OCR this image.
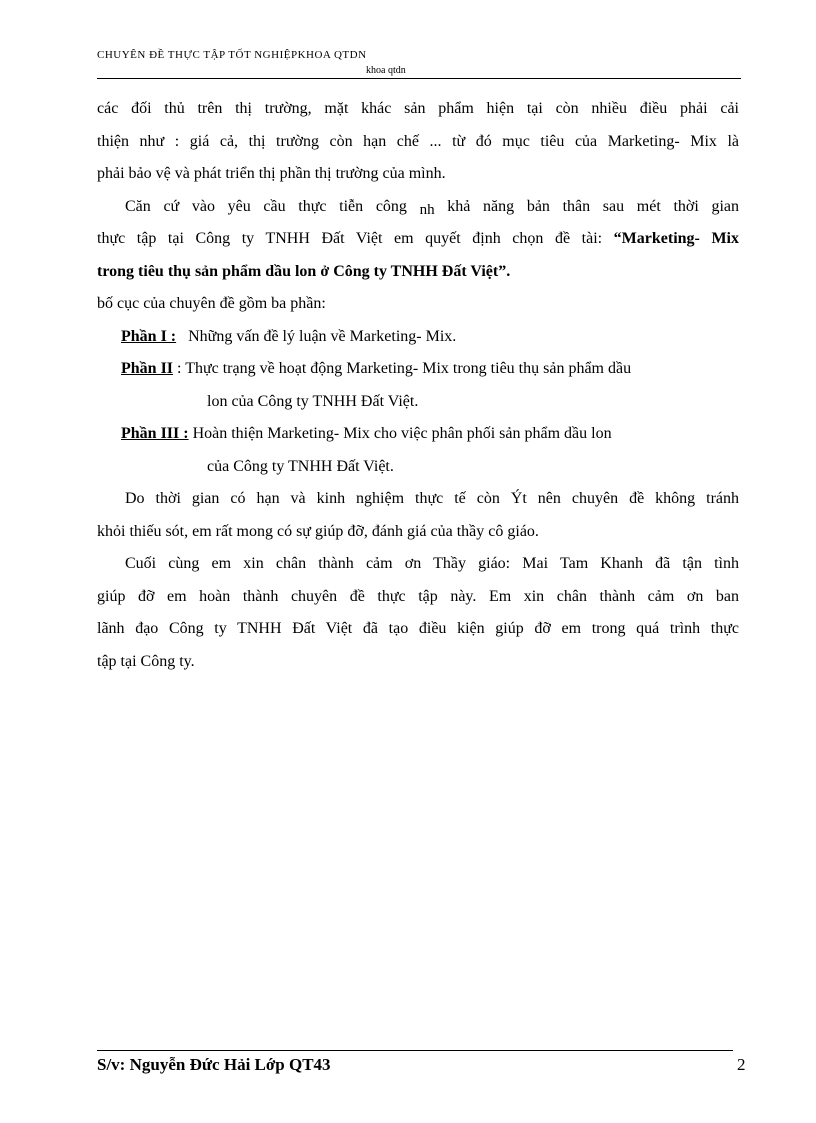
CHUYÊN ĐỀ THỰC TẬP TỐT NGHIỆPKHOA QTDN
khoa qtdn

các đối thủ trên thị trường, mặt khác sản phẩm hiện tại còn nhiều điều phải cải

thiện như : giá cả, thị trường còn hạn chế ... từ đó mục tiêu của Marketing- Mix là

phải bảo vệ và phát triển thị phần thị trường của mình.

Căn cứ vào yêu cầu thực tiễn công nh khả năng bản thân sau mét thời gian

thực tập tại Công ty TNHH Đất Việt em quyết định chọn đề tài: “Marketing- Mix

trong tiêu thụ sản phẩm dầu lon ở Công ty TNHH Đất Việt”.

bố cục của chuyên đề gồm ba phần:

Phần I : Những vấn đề lý luận về Marketing- Mix.

Phần II : Thực trạng về hoạt động Marketing- Mix trong tiêu thụ sản phẩm dầu

lon của Công ty TNHH Đất Việt.

Phần III : Hoàn thiện Marketing- Mix cho việc phân phối sản phẩm dầu lon

của Công ty TNHH Đất Việt.

Do thời gian có hạn và kinh nghiệm thực tế còn Ýt nên chuyên đề không tránh

khỏi thiếu sót, em rất mong có sự giúp đỡ, đánh giá của thầy cô giáo.

Cuối cùng em xin chân thành cảm ơn Thầy giáo: Mai Tam Khanh đã tận tình

giúp đỡ em hoàn thành chuyên đề thực tập này. Em xin chân thành cảm ơn ban

lãnh đạo Công ty TNHH Đất Việt đã tạo điều kiện giúp đỡ em trong quá trình thực

tập tại Công ty.

S/v: Nguyễn Đức Hải Lớp QT43	2
